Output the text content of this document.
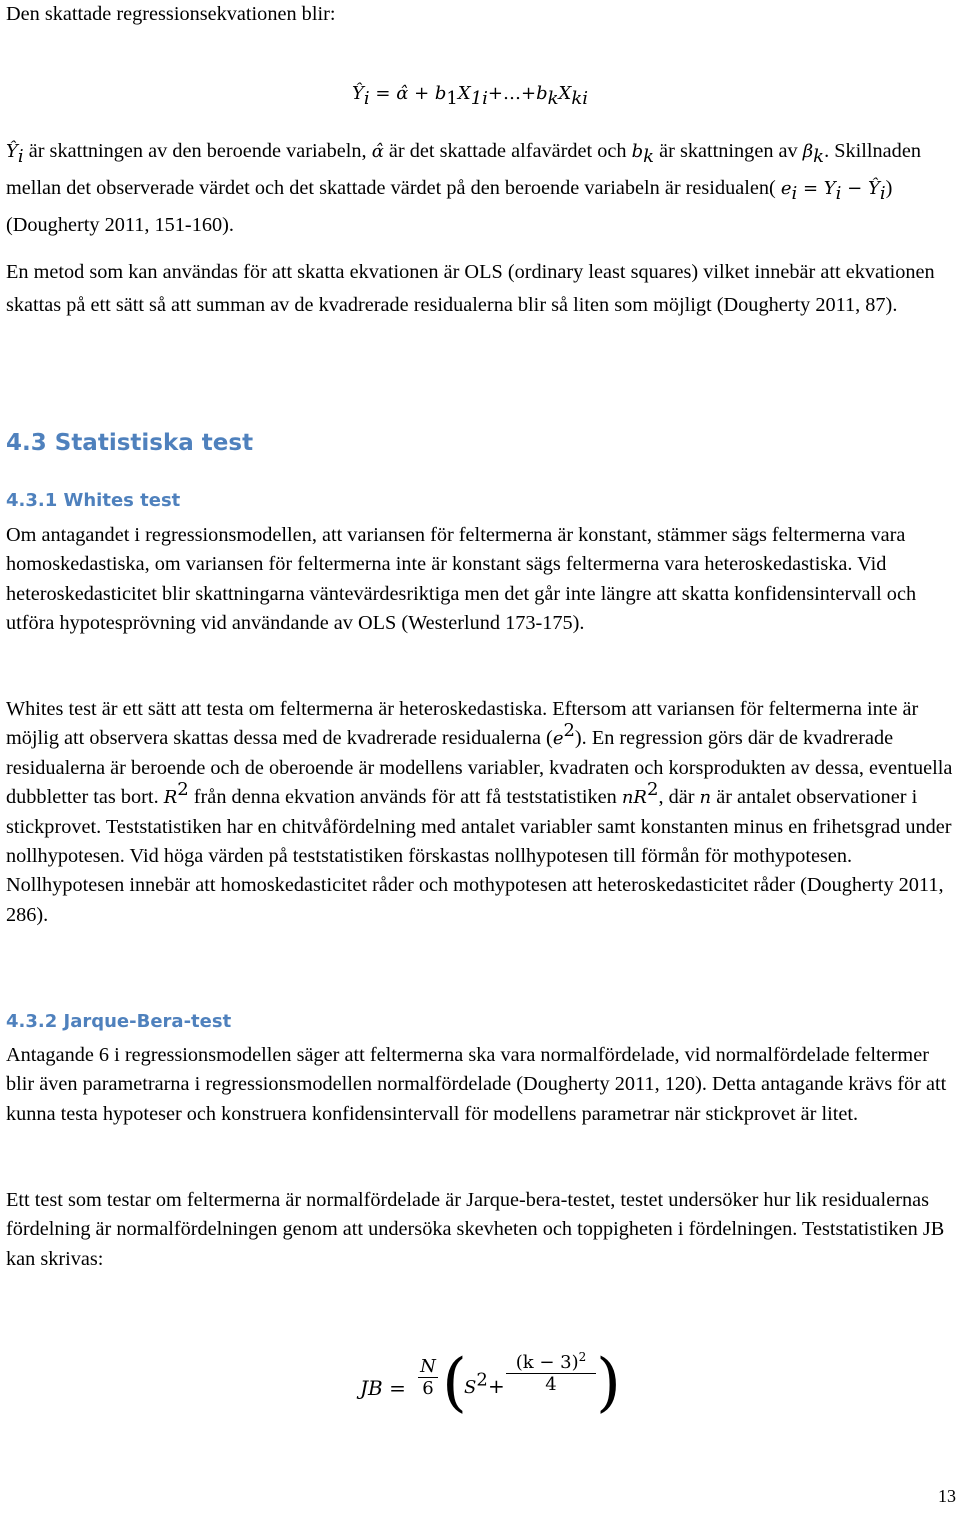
Den skattade regressionsekvationen blir:

$Ŷ_i$ = α̂ + $b_1X_{1i}+\dots+b_kX_{ki}$

$Ŷ_i$ är skattningen av den beroende variabeln, α̂ är det skattade alfavärdet och $b_k$ är skattningen av $\beta_k$. Skillnaden mellan det observerade värdet och det skattade värdet på den beroende variabeln är residualen( $e_i = Y_i$ − $Ŷ_i$) (Dougherty 2011, 151-160).

En metod som kan användas för att skatta ekvationen är OLS (ordinary least squares) vilket innebär att ekvationen skattas på ett sätt så att summan av de kvadrerade residualerna blir så liten som möjligt (Dougherty 2011, 87).

4.3 Statistiska test
4.3.1 Whites test

Om antagandet i regressionsmodellen, att variansen för feltermerna är konstant, stämmer sägs feltermerna vara homoskedastiska, om variansen för feltermerna inte är konstant sägs feltermerna vara heteroskedastiska. Vid heteroskedasticitet blir skattningarna väntevärdesriktiga men det går inte längre att skatta konfidensintervall och utföra hypotesprövning vid användande av OLS (Westerlund 173-175).

Whites test är ett sätt att testa om feltermerna är heteroskedastiska. Eftersom att variansen för feltermerna inte är möjlig att observera skattas dessa med de kvadrerade residualerna $(e^2)$. En regression görs där de kvadrerade residualerna är beroende och de oberoende är modellens variabler, kvadraten och korsprodukten av dessa, eventuella dubbletter tas bort. $R^2$ från denna ekvation används för att få teststatistiken $nR^2$, där n är antalet observationer i stickprovet. Teststatistiken har en chitvåfördelning med antalet variabler samt konstanten minus en frihetsgrad under nollhypotesen. Vid höga värden på teststatistiken förskastas nollhypotesen till förmån för mothypotesen. Nollhypotesen innebär att homoskedasticitet råder och mothypotesen att heteroskedasticitet råder (Dougherty 2011, 286).

4.3.2 Jarque-Bera-test

Antagande 6 i regressionsmodellen säger att feltermerna ska vara normalfördelade, vid normalfördelade feltermer blir även parametrarna i regressionsmodellen normalfördelade (Dougherty 2011, 120). Detta antagande krävs för att kunna testa hypoteser och konstruera konfidensintervall för modellens parametrar när stickprovet är litet.

Ett test som testar om feltermerna är normalfördelade är Jarque-bera-testet, testet undersöker hur lik residualernas fördelning är normalfördelningen genom att undersöka skevheten och toppigheten i fördelningen. Teststatistiken JB kan skrivas:

JB =
N
6 (
$S^2$ +
$(k - 3)^2$
4 )
13
